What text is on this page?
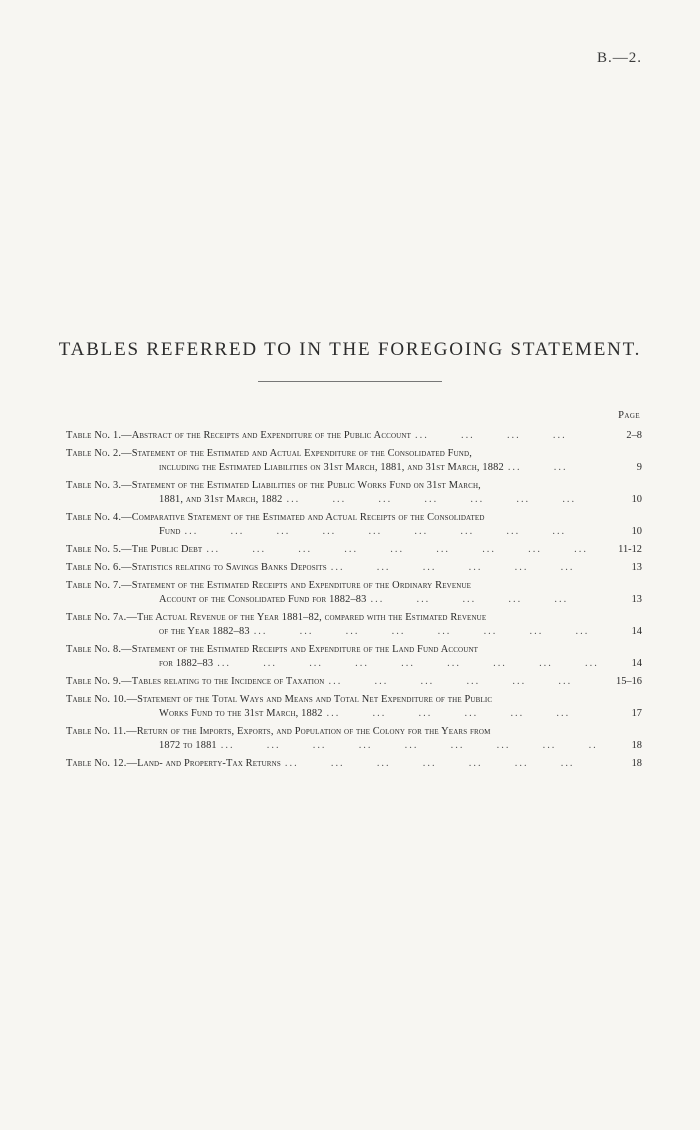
B.—2.
TABLES REFERRED TO IN THE FOREGOING STATEMENT.
Page
Table No. 1. —Abstract of the Receipts and Expenditure of the Public Account ...	2–8
Table No. 2. —Statement of the Estimated and Actual Expenditure of the Consolidated Fund,
including the Estimated Liabilities on 31st March, 1881, and 31st March, 1882 ...	9
Table No. 3. —Statement of the Estimated Liabilities of the Public Works Fund on 31st March,
1881, and 31st March, 1882 ...	10
Table No. 4. —Comparative Statement of the Estimated and Actual Receipts of the Consolidated
Fund ...	10
Table No. 5. —The Public Debt ...	11-12
Table No. 6. —Statistics relating to Savings Banks Deposits ...	13
Table No. 7. —Statement of the Estimated Receipts and Expenditure of the Ordinary Revenue
Account of the Consolidated Fund for 1882–83 ...	13
Table No. 7a. —The Actual Revenue of the Year 1881–82, compared with the Estimated Revenue
of the Year 1882–83 ...	14
Table No. 8. —Statement of the Estimated Receipts and Expenditure of the Land Fund Account
for 1882–83 ...	14
Table No. 9. —Tables relating to the Incidence of Taxation ...	15–16
Table No. 10. —Statement of the Total Ways and Means and Total Net Expenditure of the Public
Works Fund to the 31st March, 1882 ...	17
Table No. 11. —Return of the Imports, Exports, and Population of the Colony for the Years from
1872 to 1881 ...	18
Table No. 12. —Land- and Property-Tax Returns ...	18
